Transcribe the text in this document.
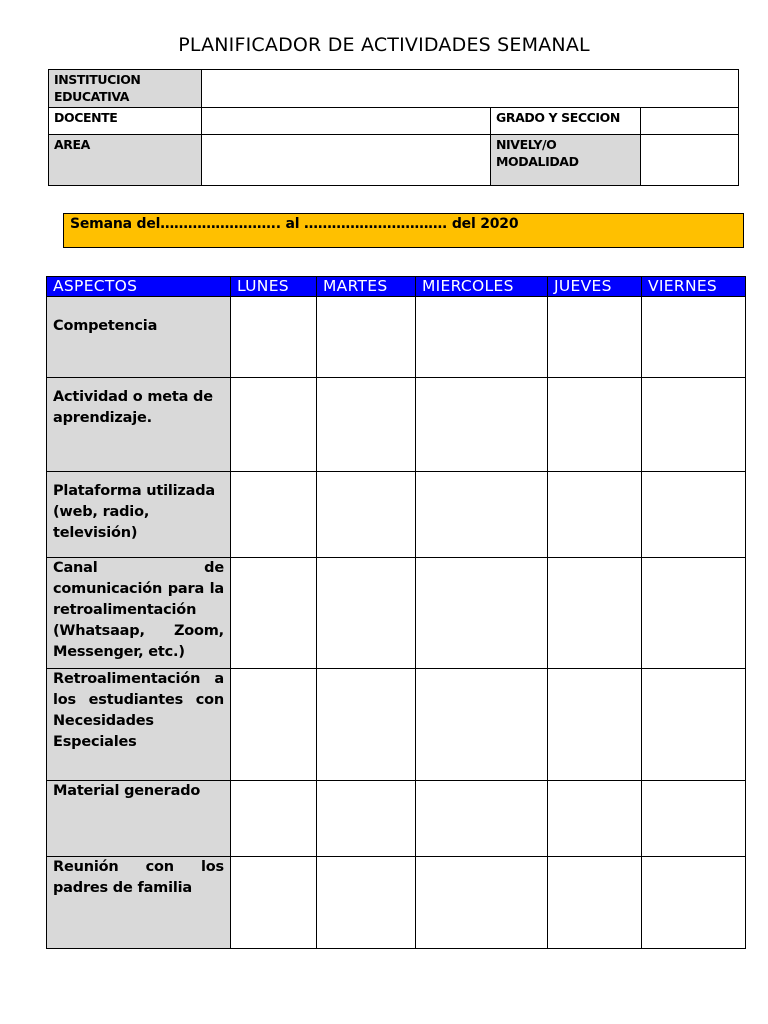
PLANIFICADOR DE ACTIVIDADES SEMANAL
INSTITUCION EDUCATIVA			
DOCENTE		GRADO Y SECCION	
AREA		NIVELY/O MODALIDAD	
Semana del…………………….. al …………………………. del 2020
ASPECTOS	LUNES	MARTES	MIERCOLES	JUEVES	VIERNES
Competencia					
Actividad o meta de aprendizaje.					
Plataforma utilizada (web, radio, televisión)					
Canal de comunicación para la retroalimentación (Whatsaap, Zoom, Messenger, etc.)					
Retroalimentación a los estudiantes con Necesidades Especiales					
Material generado					
Reunión con los padres de familia					
